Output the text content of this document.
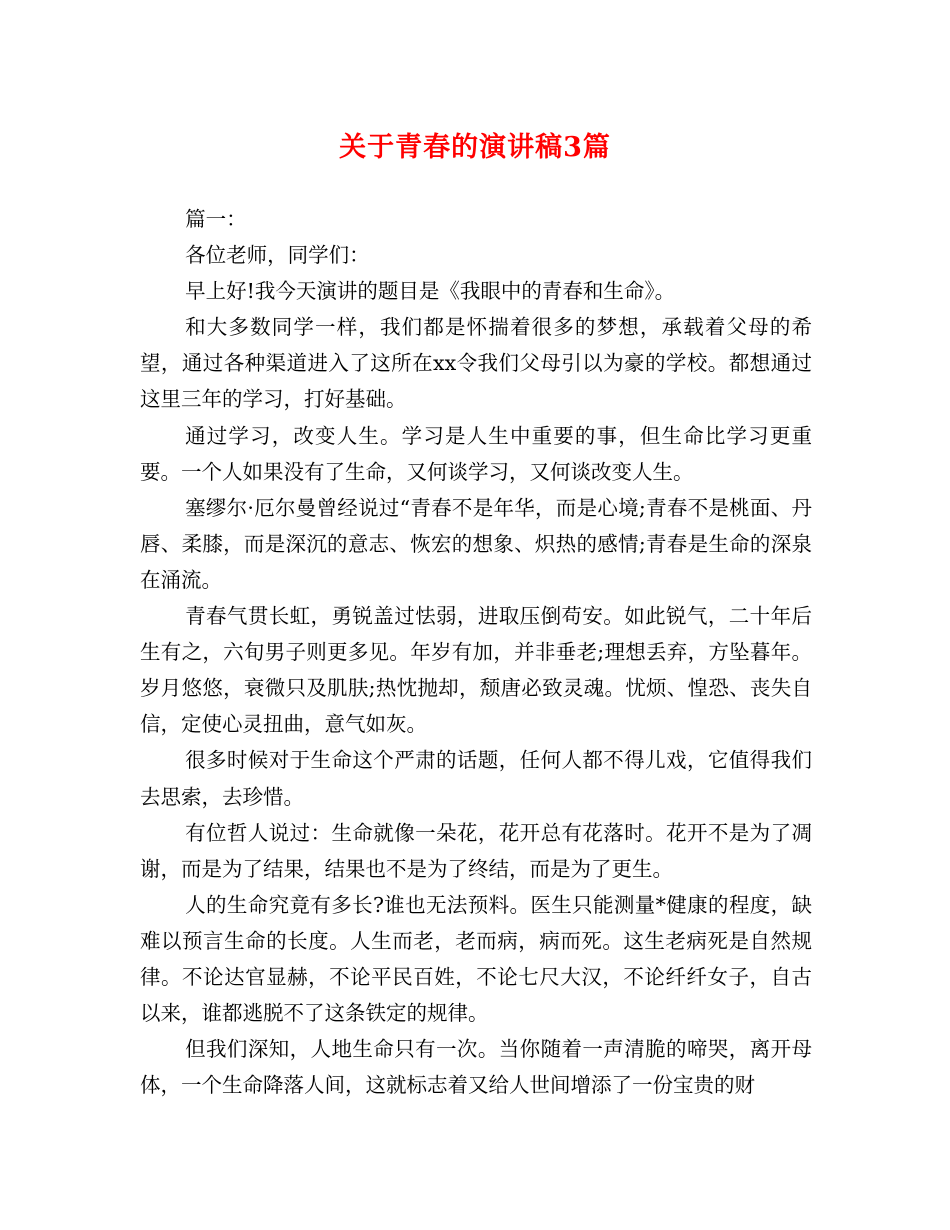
关于青春的演讲稿3篇

篇一：

各位老师，同学们：

早上好!我今天演讲的题目是《我眼中的青春和生命》。

和大多数同学一样，我们都是怀揣着很多的梦想，承载着父母的希望，通过各种渠道进入了这所在xx令我们父母引以为豪的学校。都想通过这里三年的学习，打好基础。

通过学习，改变人生。学习是人生中重要的事，但生命比学习更重要。一个人如果没有了生命，又何谈学习，又何谈改变人生。

塞缪尔·厄尔曼曾经说过“青春不是年华，而是心境;青春不是桃面、丹唇、柔膝，而是深沉的意志、恢宏的想象、炽热的感情;青春是生命的深泉在涌流。

青春气贯长虹，勇锐盖过怯弱，进取压倒苟安。如此锐气，二十年后生有之，六旬男子则更多见。年岁有加，并非垂老;理想丢弃，方坠暮年。岁月悠悠，衰微只及肌肤;热忱抛却，颓唐必致灵魂。忧烦、惶恐、丧失自信，定使心灵扭曲，意气如灰。

很多时候对于生命这个严肃的话题，任何人都不得儿戏，它值得我们去思索，去珍惜。

有位哲人说过：生命就像一朵花，花开总有花落时。花开不是为了凋谢，而是为了结果，结果也不是为了终结，而是为了更生。

人的生命究竟有多长?谁也无法预料。医生只能测量*健康的程度，缺难以预言生命的长度。人生而老，老而病，病而死。这生老病死是自然规律。不论达官显赫，不论平民百姓，不论七尺大汉，不论纤纤女子，自古以来，谁都逃脱不了这条铁定的规律。

但我们深知，人地生命只有一次。当你随着一声清脆的啼哭，离开母体，一个生命降落人间，这就标志着又给人世间增添了一份宝贵的财
